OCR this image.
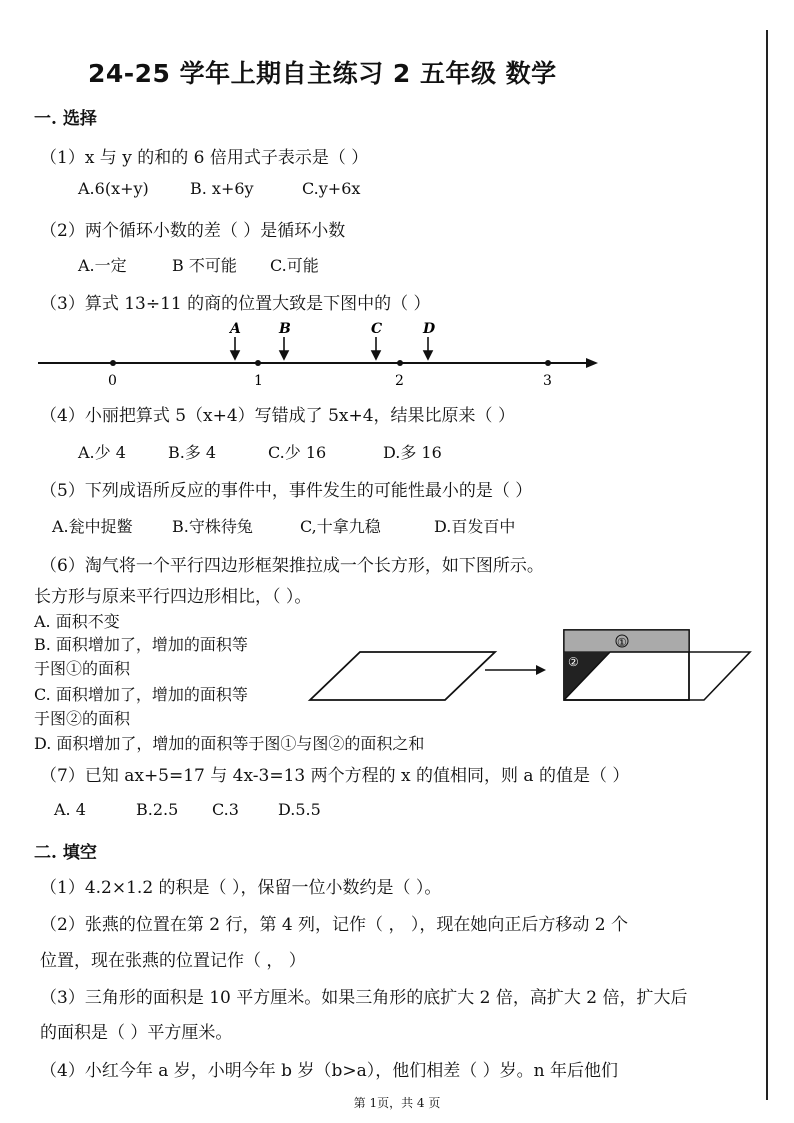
24-25 学年上期自主练习 2 五年级 数学
一. 选择
（1）x 与 y 的和的 6 倍用式子表示是（ ）
A.6(x+y)	B. x+6y	C.y+6x
（2）两个循环小数的差（ ）是循环小数
A.一定	B 不可能 C.可能
（3）算式 13÷11 的商的位置大致是下图中的（ ）
A	B	C	D
0	1	2	3
（4）小丽把算式 5（x+4）写错成了 5x+4，结果比原来（ ）
A.少 4	B.多 4	C.少 16	D.多 16
（5）下列成语所反应的事件中，事件发生的可能性最小的是（ ）
A.瓮中捉鳖 B.守株待兔	C,十拿九稳	D.百发百中
（6）淘气将一个平行四边形框架推拉成一个长方形，如下图所示。
长方形与原来平行四边形相比，（ ）。
A. 面积不变
B. 面积增加了，增加的面积等
于图①的面积
C. 面积增加了，增加的面积等
于图②的面积
D. 面积增加了，增加的面积等于图①与图②的面积之和
①
②
（7）已知 ax+5=17 与 4x-3=13 两个方程的 x 的值相同，则 a 的值是（ ）
A. 4	B.2.5 C.3 D.5.5
二. 填空
（1）4.2×1.2 的积是（ ），保留一位小数约是（ ）。
（2）张燕的位置在第 2 行，第 4 列，记作（ ， ），现在她向正后方移动 2 个
位置，现在张燕的位置记作（ ， ）
（3）三角形的面积是 10 平方厘米。如果三角形的底扩大 2 倍，高扩大 2 倍，扩大后
的面积是（ ）平方厘米。
（4）小红今年 a 岁，小明今年 b 岁（b>a），他们相差（ ）岁。n 年后他们
第 1页，共 4 页
